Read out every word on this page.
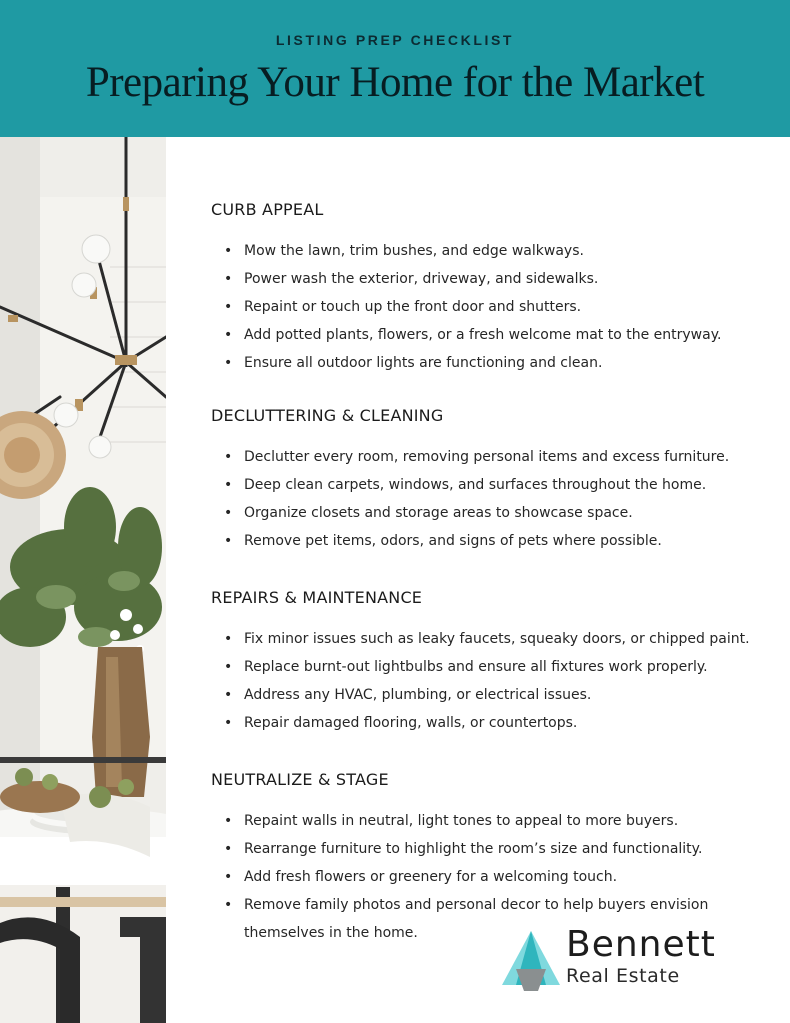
LISTING PREP CHECKLIST
Preparing Your Home for the Market
CURB APPEAL
• Mow the lawn, trim bushes, and edge walkways.
• Power wash the exterior, driveway, and sidewalks.
• Repaint or touch up the front door and shutters.
• Add potted plants, flowers, or a fresh welcome mat to the entryway.
• Ensure all outdoor lights are functioning and clean.
DECLUTTERING & CLEANING
• Declutter every room, removing personal items and excess furniture.
• Deep clean carpets, windows, and surfaces throughout the home.
• Organize closets and storage areas to showcase space.
• Remove pet items, odors, and signs of pets where possible.
REPAIRS & MAINTENANCE
• Fix minor issues such as leaky faucets, squeaky doors, or chipped paint.
• Replace burnt-out lightbulbs and ensure all fixtures work properly.
• Address any HVAC, plumbing, or electrical issues.
• Repair damaged flooring, walls, or countertops.
NEUTRALIZE & STAGE
• Repaint walls in neutral, light tones to appeal to more buyers.
• Rearrange furniture to highlight the room’s size and functionality.
• Add fresh flowers or greenery for a welcoming touch.
• Remove family photos and personal decor to help buyers envision themselves in the home.	Bennett
Real Estate
